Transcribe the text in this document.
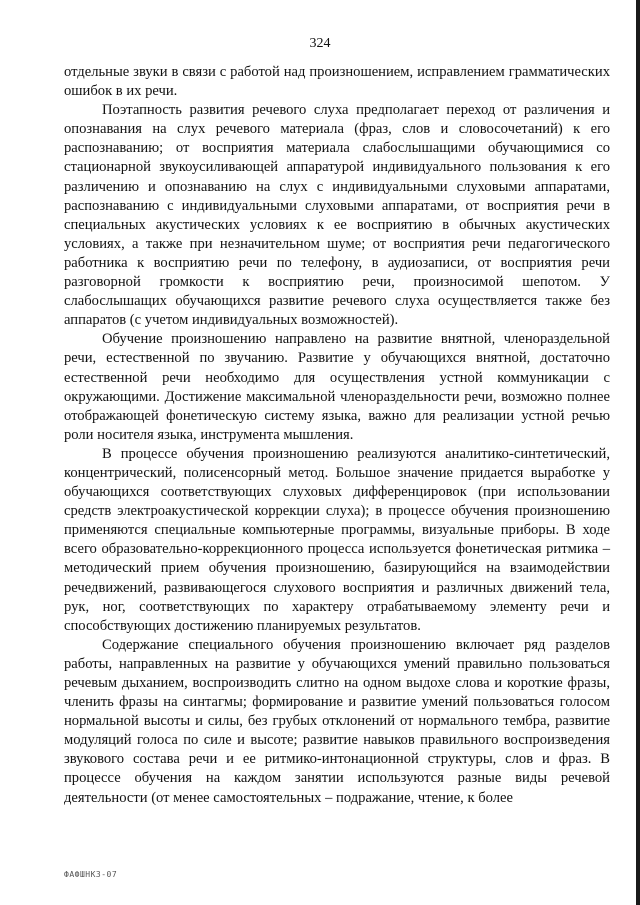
324

отдельные звуки в связи с работой над произношением, исправлением грамматических ошибок в их речи.

Поэтапность развития речевого слуха предполагает переход от различения и опознавания на слух речевого материала (фраз, слов и словосочетаний) к его распознаванию; от восприятия материала слабослышащими обучающимися со стационарной звукоусиливающей аппаратурой индивидуального пользования к его различению и опознаванию на слух с индивидуальными слуховыми аппаратами, распознаванию с индивидуальными слуховыми аппаратами, от восприятия речи в специальных акустических условиях к ее восприятию в обычных акустических условиях, а также при незначительном шуме; от восприятия речи педагогического работника к восприятию речи по телефону, в аудиозаписи, от восприятия речи разговорной громкости к восприятию речи, произносимой шепотом. У слабослышащих обучающихся развитие речевого слуха осуществляется также без аппаратов (с учетом индивидуальных возможностей).

Обучение произношению направлено на развитие внятной, членораздельной речи, естественной по звучанию. Развитие у обучающихся внятной, достаточно естественной речи необходимо для осуществления устной коммуникации с окружающими. Достижение максимальной членораздельности речи, возможно полнее отображающей фонетическую систему языка, важно для реализации устной речью роли носителя языка, инструмента мышления.

В процессе обучения произношению реализуются аналитико-синтетический, концентрический, полисенсорный метод. Большое значение придается выработке у обучающихся соответствующих слуховых дифференцировок (при использовании средств электроакустической коррекции слуха); в процессе обучения произношению применяются специальные компьютерные программы, визуальные приборы. В ходе всего образовательно-коррекционного процесса используется фонетическая ритмика – методический прием обучения произношению, базирующийся на взаимодействии речедвижений, развивающегося слухового восприятия и различных движений тела, рук, ног, соответствующих по характеру отрабатываемому элементу речи и способствующих достижению планируемых результатов.

Содержание специального обучения произношению включает ряд разделов работы, направленных на развитие у обучающихся умений правильно пользоваться речевым дыханием, воспроизводить слитно на одном выдохе слова и короткие фразы, членить фразы на синтагмы; формирование и развитие умений пользоваться голосом нормальной высоты и силы, без грубых отклонений от нормального тембра, развитие модуляций голоса по силе и высоте; развитие навыков правильного воспроизведения звукового состава речи и ее ритмико-интонационной структуры, слов и фраз. В процессе обучения на каждом занятии используются разные виды речевой деятельности (от менее самостоятельных – подражание, чтение, к более

ФАФШНКЗ-07
